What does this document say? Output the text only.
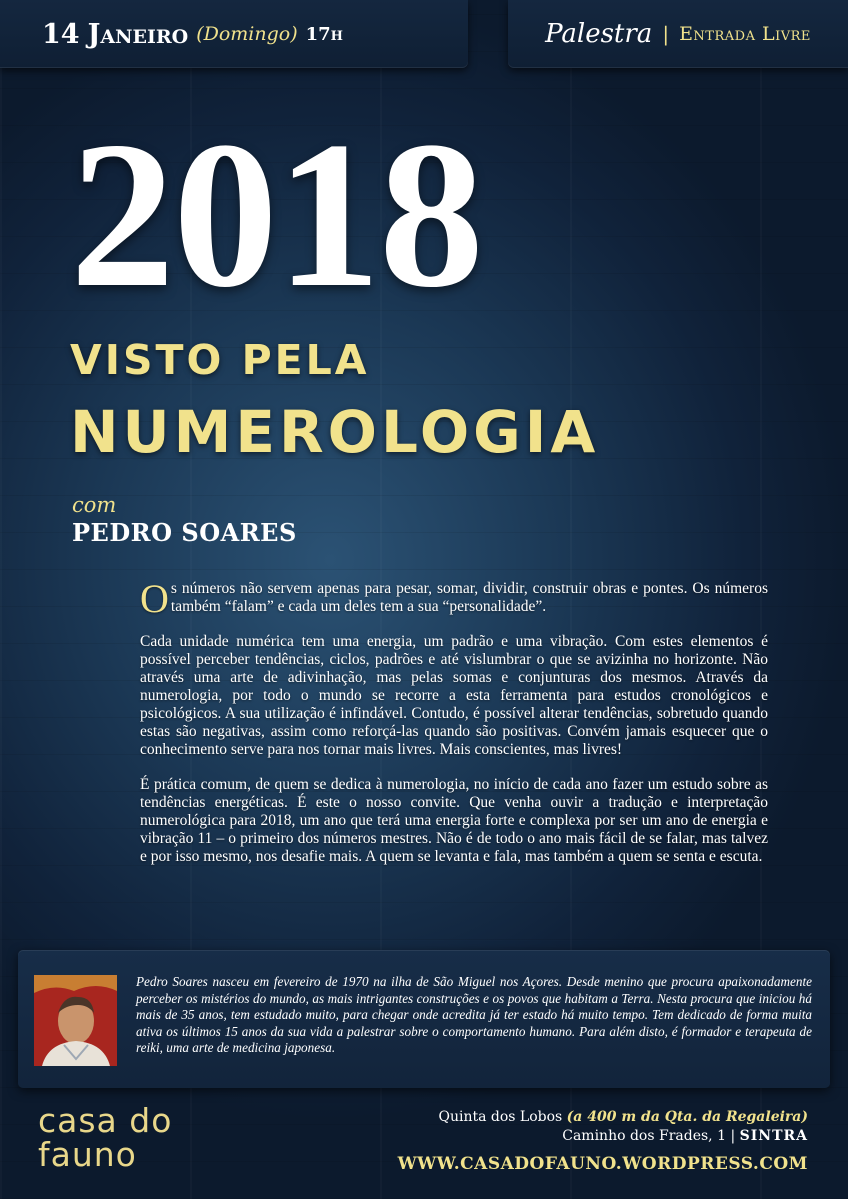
14 Janeiro (Domingo) 17h	Palestra | Entrada Livre
2018
VISTO PELA
NUMEROLOGIA
com
PEDRO SOARES

Os números não servem apenas para pesar, somar, dividir, construir obras e pontes. Os números também “falam” e cada um deles tem a sua “personalidade”.

Cada unidade numérica tem uma energia, um padrão e uma vibração. Com estes elementos é possível perceber tendências, ciclos, padrões e até vislumbrar o que se avizinha no horizonte. Não através uma arte de adivinhação, mas pelas somas e conjunturas dos mesmos. Através da numerologia, por todo o mundo se recorre a esta ferramenta para estudos cronológicos e psicológicos. A sua utilização é infindável. Contudo, é possível alterar tendências, sobretudo quando estas são negativas, assim como reforçá-las quando são positivas. Convém jamais esquecer que o conhecimento serve para nos tornar mais livres. Mais conscientes, mas livres!

É prática comum, de quem se dedica à numerologia, no início de cada ano fazer um estudo sobre as tendências energéticas. É este o nosso convite. Que venha ouvir a tradução e interpretação numerológica para 2018, um ano que terá uma energia forte e complexa por ser um ano de energia e vibração 11 – o primeiro dos números mestres. Não é de todo o ano mais fácil de se falar, mas talvez e por isso mesmo, nos desafie mais. A quem se levanta e fala, mas também a quem se senta e escuta.

Pedro Soares nasceu em fevereiro de 1970 na ilha de São Miguel nos Açores. Desde menino que procura apaixonadamente perceber os mistérios do mundo, as mais intrigantes construções e os povos que habitam a Terra. Nesta procura que iniciou há mais de 35 anos, tem estudado muito, para chegar onde acredita já ter estado há muito tempo. Tem dedicado de forma muita ativa os últimos 15 anos da sua vida a palestrar sobre o comportamento humano. Para além disto, é formador e terapeuta de reiki, uma arte de medicina japonesa.
casa do
fauno
Quinta dos Lobos (a 400 m da Qta. da Regaleira)
Caminho dos Frades, 1 | SINTRA
WWW.CASADOFAUNO.WORDPRESS.COM
